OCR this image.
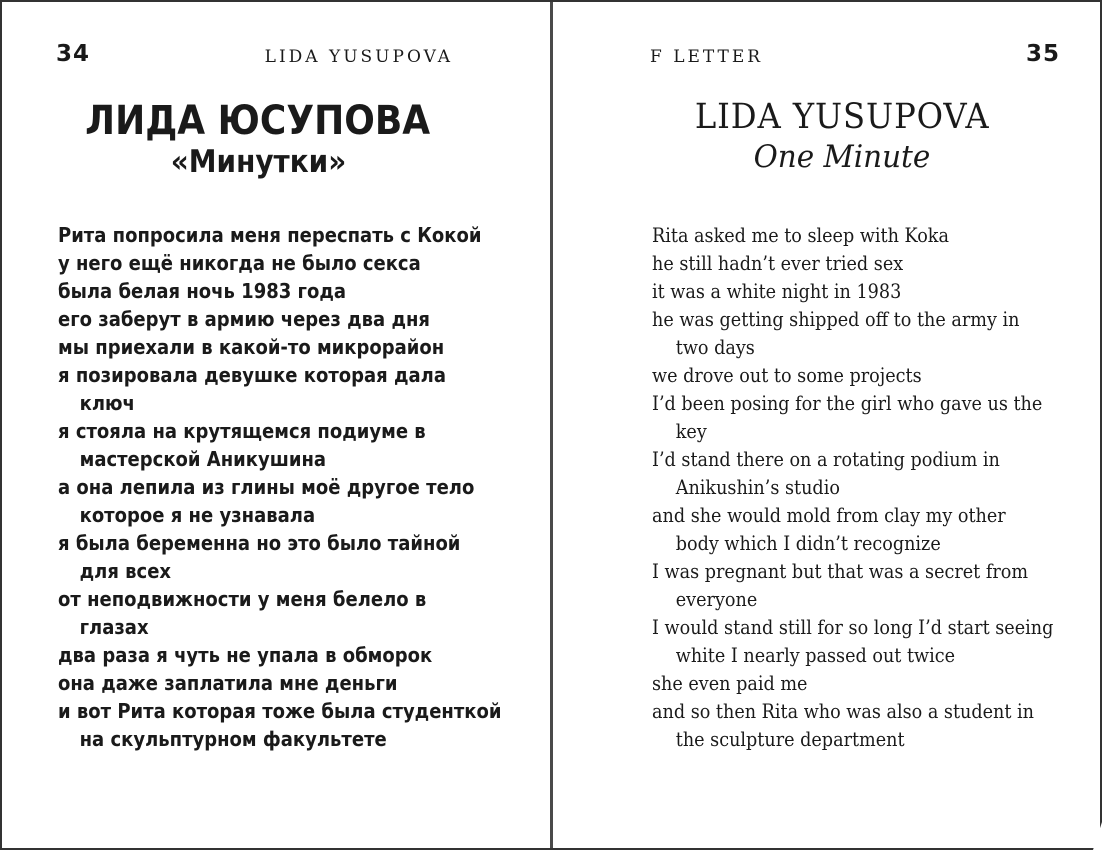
34	LIDA YUSUPOVA
ЛИДА ЮСУПОВА
«Минутки»
Рита попросила меня переспать с Кокой
у него ещё никогда не было секса
была белая ночь 1983 года
его заберут в армию через два дня
мы приехали в какой-то микрорайон
я позировала девушке которая дала
ключ
я стояла на крутящемся подиуме в
мастерской Аникушина
а она лепила из глины моё другое тело
которое я не узнавала
я была беременна но это было тайной
для всех
от неподвижности у меня белело в
глазах
два раза я чуть не упала в обморок
она даже заплатила мне деньги
и вот Рита которая тоже была студенткой
на скульптурном факультете
F LETTER	35
LIDA YUSUPOVA
One Minute
Rita asked me to sleep with Koka
he still hadn’t ever tried sex
it was a white night in 1983
he was getting shipped off to the army in
two days
we drove out to some projects
I’d been posing for the girl who gave us the
key
I’d stand there on a rotating podium in
Anikushin’s studio
and she would mold from clay my other
body which I didn’t recognize
I was pregnant but that was a secret from
everyone
I would stand still for so long I’d start seeing
white I nearly passed out twice
she even paid me
and so then Rita who was also a student in
the sculpture department
